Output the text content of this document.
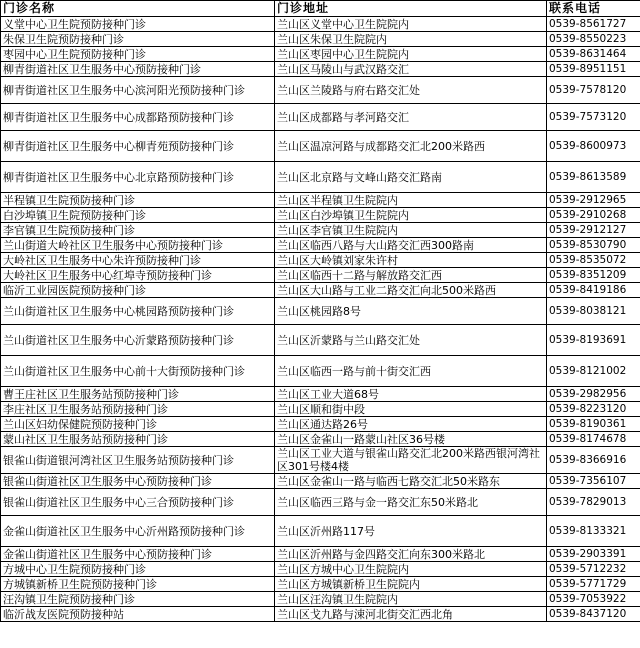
门诊名称	门诊地址	联系电话
义堂中心卫生院预防接种门诊	兰山区义堂中心卫生院院内	0539-8561727
朱保卫生院预防接种门诊	兰山区朱保卫生院院内	0539-8550223
枣园中心卫生院预防接种门诊	兰山区枣园中心卫生院院内	0539-8631464
柳青街道社区卫生服务中心预防接种门诊	兰山区马陵山与武汉路交汇	0539-8951151
柳青街道社区卫生服务中心滨河阳光预防接种门诊	兰山区兰陵路与府右路交汇处	0539-7578120
柳青街道社区卫生服务中心成都路预防接种门诊	兰山区成都路与孝河路交汇	0539-7573120
柳青街道社区卫生服务中心柳青苑预防接种门诊	兰山区温凉河路与成都路交汇北200米路西	0539-8600973
柳青街道社区卫生服务中心北京路预防接种门诊	兰山区北京路与文峰山路交汇路南	0539-8613589
半程镇卫生院预防接种门诊	兰山区半程镇卫生院院内	0539-2912965
白沙埠镇卫生院预防接种门诊	兰山区白沙埠镇卫生院院内	0539-2910268
李官镇卫生院预防接种门诊	兰山区李官镇卫生院院内	0539-2912127
兰山街道大岭社区卫生服务中心预防接种门诊	兰山区临西八路与大山路交汇西300路南	0539-8530790
大岭社区卫生服务中心朱许预防接种门诊	兰山区大岭镇刘家朱许村	0539-8535072
大岭社区卫生服务中心红埠寺预防接种门诊	兰山区临西十二路与解放路交汇西	0539-8351209
临沂工业园医院预防接种门诊	兰山区大山路与工业二路交汇向北500米路西	0539-8419186
兰山街道社区卫生服务中心桃园路预防接种门诊	兰山区桃园路8号	0539-8038121
兰山街道社区卫生服务中心沂蒙路预防接种门诊	兰山区沂蒙路与兰山路交汇处	0539-8193691
兰山街道社区卫生服务中心前十大街预防接种门诊	兰山区临西一路与前十街交汇西	0539-8121002
曹王庄社区卫生服务站预防接种门诊	兰山区工业大道68号	0539-2982956
李庄社区卫生服务站预防接种门诊	兰山区顺和街中段	0539-8223120
兰山区妇幼保健院预防接种门诊	兰山区通达路26号	0539-8190361
蒙山社区卫生服务站预防接种门诊	兰山区金雀山一路蒙山社区36号楼	0539-8174678
银雀山街道银河湾社区卫生服务站预防接种门诊	兰山区工业大道与银雀山路交汇北200米路西银河湾社区301号楼4楼	0539-8366916
银雀山街道社区卫生服务中心预防接种门诊	兰山区金雀山一路与临西七路交汇北50米路东	0539-7356107
银雀山街道社区卫生服务中心三合预防接种门诊	兰山区临西三路与金一路交汇东50米路北	0539-7829013
金雀山街道社区卫生服务中心沂州路预防接种门诊	兰山区沂州路117号	0539-8133321
金雀山街道社区卫生服务中心预防接种门诊	兰山区沂州路与金四路交汇向东300米路北	0539-2903391
方城中心卫生院预防接种门诊	兰山区方城中心卫生院院内	0539-5712232
方城镇新桥卫生院预防接种门诊	兰山区方城镇新桥卫生院院内	0539-5771729
汪沟镇卫生院预防接种门诊	兰山区汪沟镇卫生院院内	0539-7053922
临沂战友医院预防接种站	兰山区戈九路与涑河北街交汇西北角	0539-8437120
